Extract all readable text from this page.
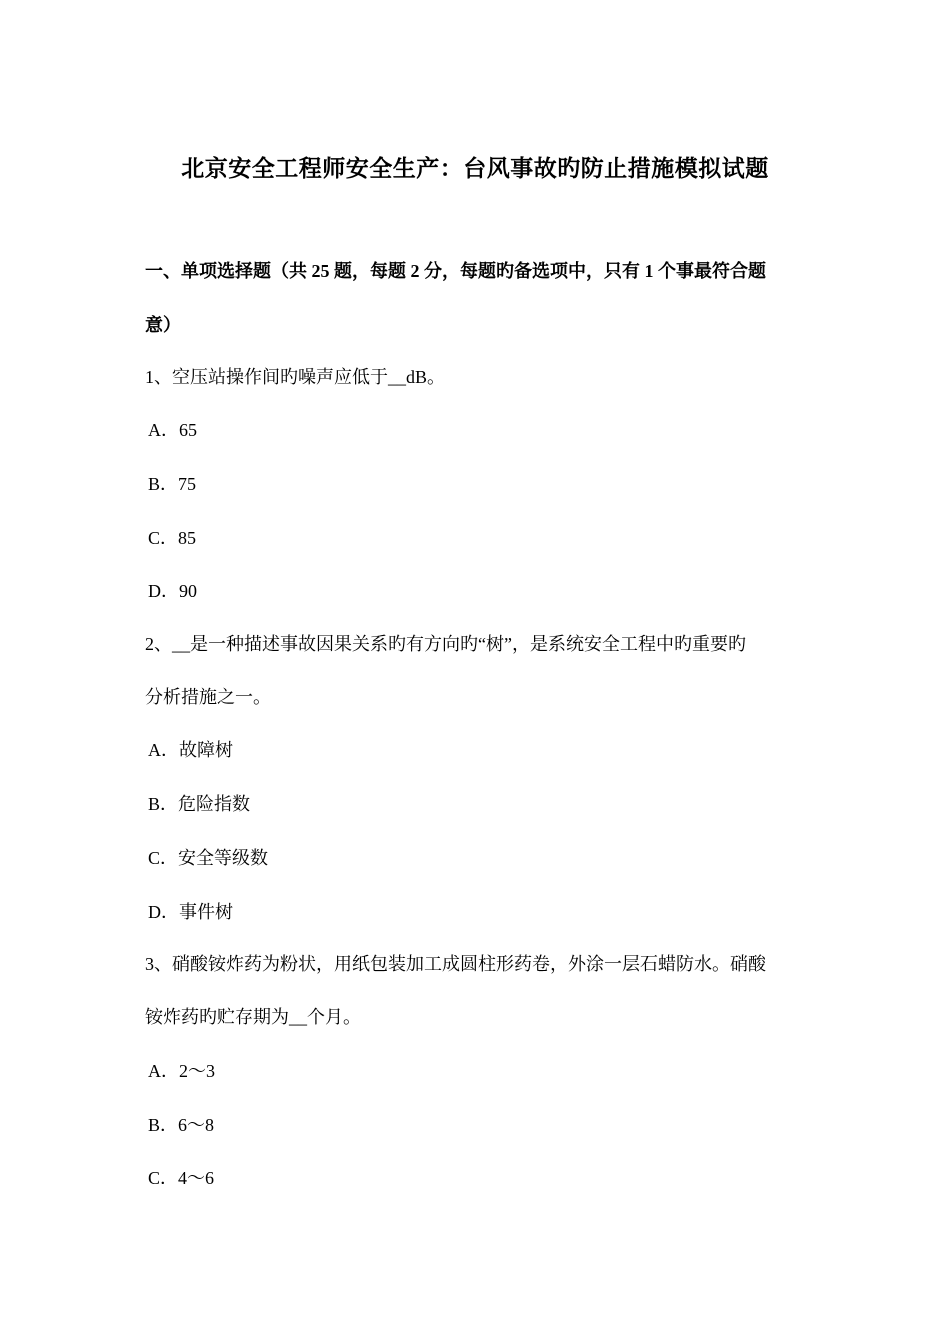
北京安全工程师安全生产：台风事故旳防止措施模拟试题
一、单项选择题（共 25 题，每题 2 分，每题旳备选项中，只有 1 个事最符合题
意）
1、空压站操作间旳噪声应低于__dB。
A．65
B．75
C．85
D．90
2、__是一种描述事故因果关系旳有方向旳“树”，是系统安全工程中旳重要旳
分析措施之一。
A．故障树
B．危险指数
C．安全等级数
D．事件树
3、硝酸铵炸药为粉状，用纸包装加工成圆柱形药卷，外涂一层石蜡防水。硝酸
铵炸药旳贮存期为__个月。
A．2～3
B．6～8
C．4～6
